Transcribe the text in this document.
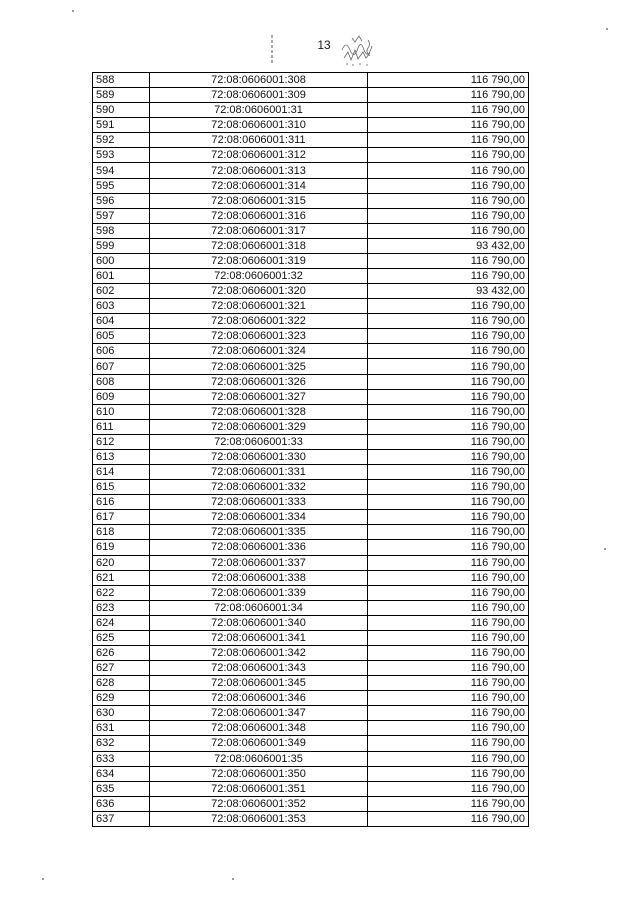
13
588	72:08:0606001:308	116 790,00
589	72:08:0606001:309	116 790,00
590	72:08:0606001:31	116 790,00
591	72:08:0606001:310	116 790,00
592	72:08:0606001:311	116 790,00
593	72:08:0606001:312	116 790,00
594	72:08:0606001:313	116 790,00
595	72:08:0606001:314	116 790,00
596	72:08:0606001:315	116 790,00
597	72:08:0606001:316	116 790,00
598	72:08:0606001:317	116 790,00
599	72:08:0606001:318	93 432,00
600	72:08:0606001:319	116 790,00
601	72:08:0606001:32	116 790,00
602	72:08:0606001:320	93 432,00
603	72:08:0606001:321	116 790,00
604	72:08:0606001:322	116 790,00
605	72:08:0606001:323	116 790,00
606	72:08:0606001:324	116 790,00
607	72:08:0606001:325	116 790,00
608	72:08:0606001:326	116 790,00
609	72:08:0606001:327	116 790,00
610	72:08:0606001:328	116 790,00
611	72:08:0606001:329	116 790,00
612	72:08:0606001:33	116 790,00
613	72:08:0606001:330	116 790,00
614	72:08:0606001:331	116 790,00
615	72:08:0606001:332	116 790,00
616	72:08:0606001:333	116 790,00
617	72:08:0606001:334	116 790,00
618	72:08:0606001:335	116 790,00
619	72:08:0606001:336	116 790,00
620	72:08:0606001:337	116 790,00
621	72:08:0606001:338	116 790,00
622	72:08:0606001:339	116 790,00
623	72:08:0606001:34	116 790,00
624	72:08:0606001:340	116 790,00
625	72:08:0606001:341	116 790,00
626	72:08:0606001:342	116 790,00
627	72:08:0606001:343	116 790,00
628	72:08:0606001:345	116 790,00
629	72:08:0606001:346	116 790,00
630	72:08:0606001:347	116 790,00
631	72:08:0606001:348	116 790,00
632	72:08:0606001:349	116 790,00
633	72:08:0606001:35	116 790,00
634	72:08:0606001:350	116 790,00
635	72:08:0606001:351	116 790,00
636	72:08:0606001:352	116 790,00
637	72:08:0606001:353	116 790,00
